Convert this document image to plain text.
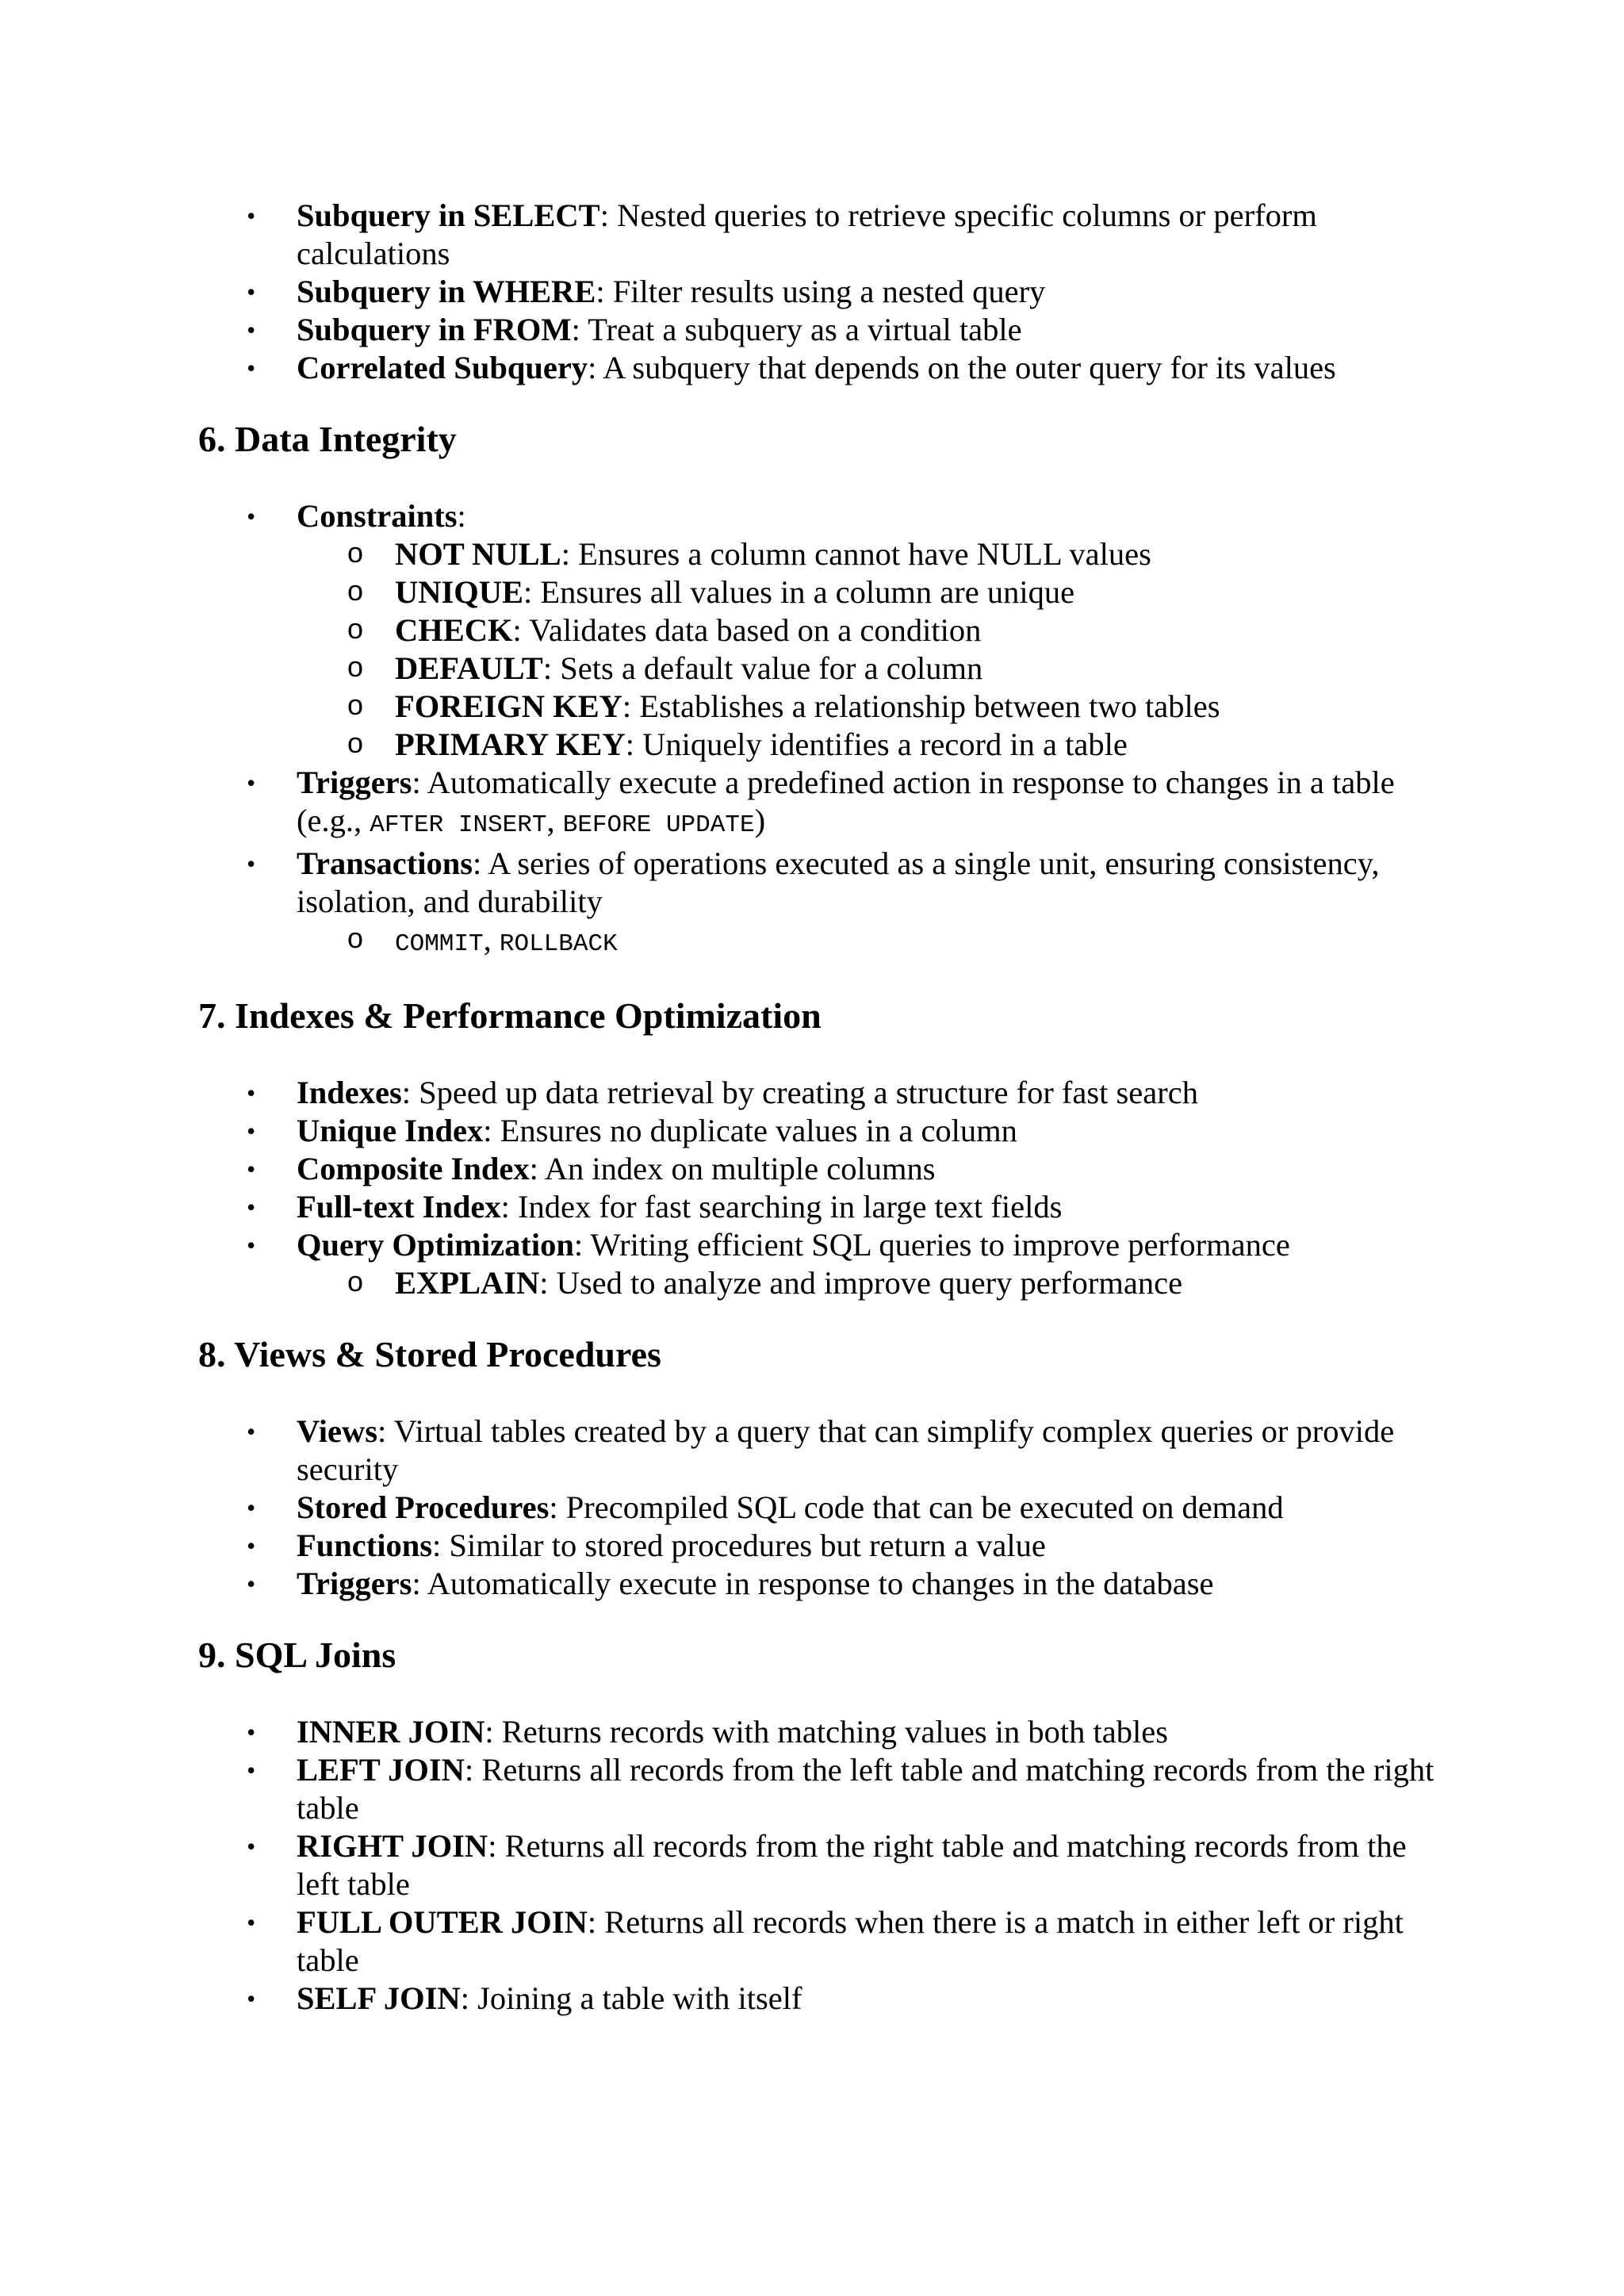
• Subquery in SELECT: Nested queries to retrieve specific columns or perform calculations
• Subquery in WHERE: Filter results using a nested query
• Subquery in FROM: Treat a subquery as a virtual table
• Correlated Subquery: A subquery that depends on the outer query for its values
6. Data Integrity
• Constraints:
o NOT NULL: Ensures a column cannot have NULL values
o UNIQUE: Ensures all values in a column are unique
o CHECK: Validates data based on a condition
o DEFAULT: Sets a default value for a column
o FOREIGN KEY: Establishes a relationship between two tables
o PRIMARY KEY: Uniquely identifies a record in a table
• Triggers: Automatically execute a predefined action in response to changes in a table (e.g., AFTER INSERT, BEFORE UPDATE)
• Transactions: A series of operations executed as a single unit, ensuring consistency, isolation, and durability
o COMMIT, ROLLBACK
7. Indexes & Performance Optimization
• Indexes: Speed up data retrieval by creating a structure for fast search
• Unique Index: Ensures no duplicate values in a column
• Composite Index: An index on multiple columns
• Full-text Index: Index for fast searching in large text fields
• Query Optimization: Writing efficient SQL queries to improve performance
o EXPLAIN: Used to analyze and improve query performance
8. Views & Stored Procedures
• Views: Virtual tables created by a query that can simplify complex queries or provide security
• Stored Procedures: Precompiled SQL code that can be executed on demand
• Functions: Similar to stored procedures but return a value
• Triggers: Automatically execute in response to changes in the database
9. SQL Joins
• INNER JOIN: Returns records with matching values in both tables
• LEFT JOIN: Returns all records from the left table and matching records from the right table
• RIGHT JOIN: Returns all records from the right table and matching records from the left table
• FULL OUTER JOIN: Returns all records when there is a match in either left or right table
• SELF JOIN: Joining a table with itself
